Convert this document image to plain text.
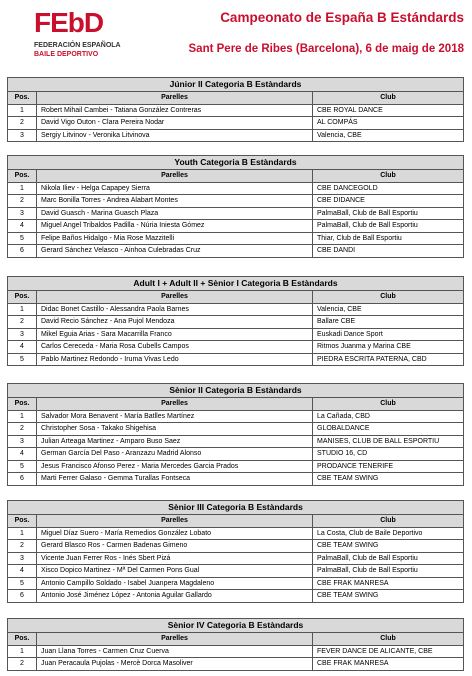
FEbD
FEDERACIÓN ESPAÑOLA
BAILE DEPORTIVO
Campeonato de España B Estándards
Sant Pere de Ribes (Barcelona), 6 de maig de 2018
Júnior II Categoria B Estàndards		
Pos.	Parelles	Club
1	Robert Mihail Cambei - Tatiana González Contreras	CBE ROYAL DANCE
2	David Vigo Outon - Clara Pereira Nodar	AL COMPÁS
3	Sergiy Litvinov - Veronika Litvinova	Valencia, CBE
Youth Categoria B Estàndards		
Pos.	Parelles	Club
1	Nikola Iliev - Helga Capapey Sierra	CBE DANCEGOLD
2	Marc Bonilla Torres - Andrea Alabart Montes	CBE DIDANCE
3	David Guasch - Marina Guasch Plaza	PalmaBall, Club de Ball Esportiu
4	Miguel Angel Tribaldos Padilla - Núria Iniesta Gómez	PalmaBall, Club de Ball Esportiu
5	Felipe Baños Hidalgo - Mia Rose Mazzitelli	Thiar, Club de Ball Esportiu
6	Gerard Sánchez Velasco - Ainhoa Culebradas Cruz	CBE DANDI
Adult I + Adult II + Sènior I Categoria B Estàndards		
Pos.	Parelles	Club
1	Didac Bonet Castillo - Alessandra Paola Barnes	Valencia, CBE
2	David Recio Sánchez - Ana Pujol Mendoza	Ballare CBE
3	Mikel Eguia Arias - Sara Macarrilla Franco	Euskadi Dance Sport
4	Carlos Cereceda - Maria Rosa Cubells Campos	Ritmos Juanma y Marina CBE
5	Pablo Martinez Redondo - Iruma Vivas Ledo	PIEDRA ESCRITA PATERNA, CBD
Sènior II Categoria B Estàndards		
Pos.	Parelles	Club
1	Salvador Mora Benavent - María Batlles Martínez	La Cañada, CBD
2	Christopher Sosa - Takako Shigehisa	GLOBALDANCE
3	Julian Arteaga Martinez - Amparo Buso Saez	MANISES, CLUB DE BALL ESPORTIU
4	German García Del Paso - Aranzazu Madrid Alonso	STUDIO 16, CD
5	Jesus Francisco Afonso Perez - Maria Mercedes Garcia Prados	PRODANCE TENERIFE
6	Marti Ferrer Galaso - Gemma Turallas Fontseca	CBE TEAM SWING
Sènior III Categoria B Estàndards		
Pos.	Parelles	Club
1	Miguel Díaz Suero - María Remedios González Lobato	La Costa, Club de Baile Deportivo
2	Gerard Blasco Ros - Carmen Badenas Gimeno	CBE TEAM SWING
3	Vicente Juan Ferrer Ros - Inés Sbert Pizá	PalmaBall, Club de Ball Esportiu
4	Xisco Dopico Martinez - Mª Del Carmen Pons Gual	PalmaBall, Club de Ball Esportiu
5	Antonio Campillo Soldado - Isabel Juanpera Magdaleno	CBE FRAK MANRESA
6	Antonio José Jiménez López - Antonia Aguilar Gallardo	CBE TEAM SWING
Sènior IV Categoria B Estàndards		
Pos.	Parelles	Club
1	Juan Llana Torres - Carmen Cruz Cuerva	FEVER DANCE DE ALICANTE, CBE
2	Juan Peracaula Pujolas - Mercè Dorca Masoliver	CBE FRAK MANRESA
